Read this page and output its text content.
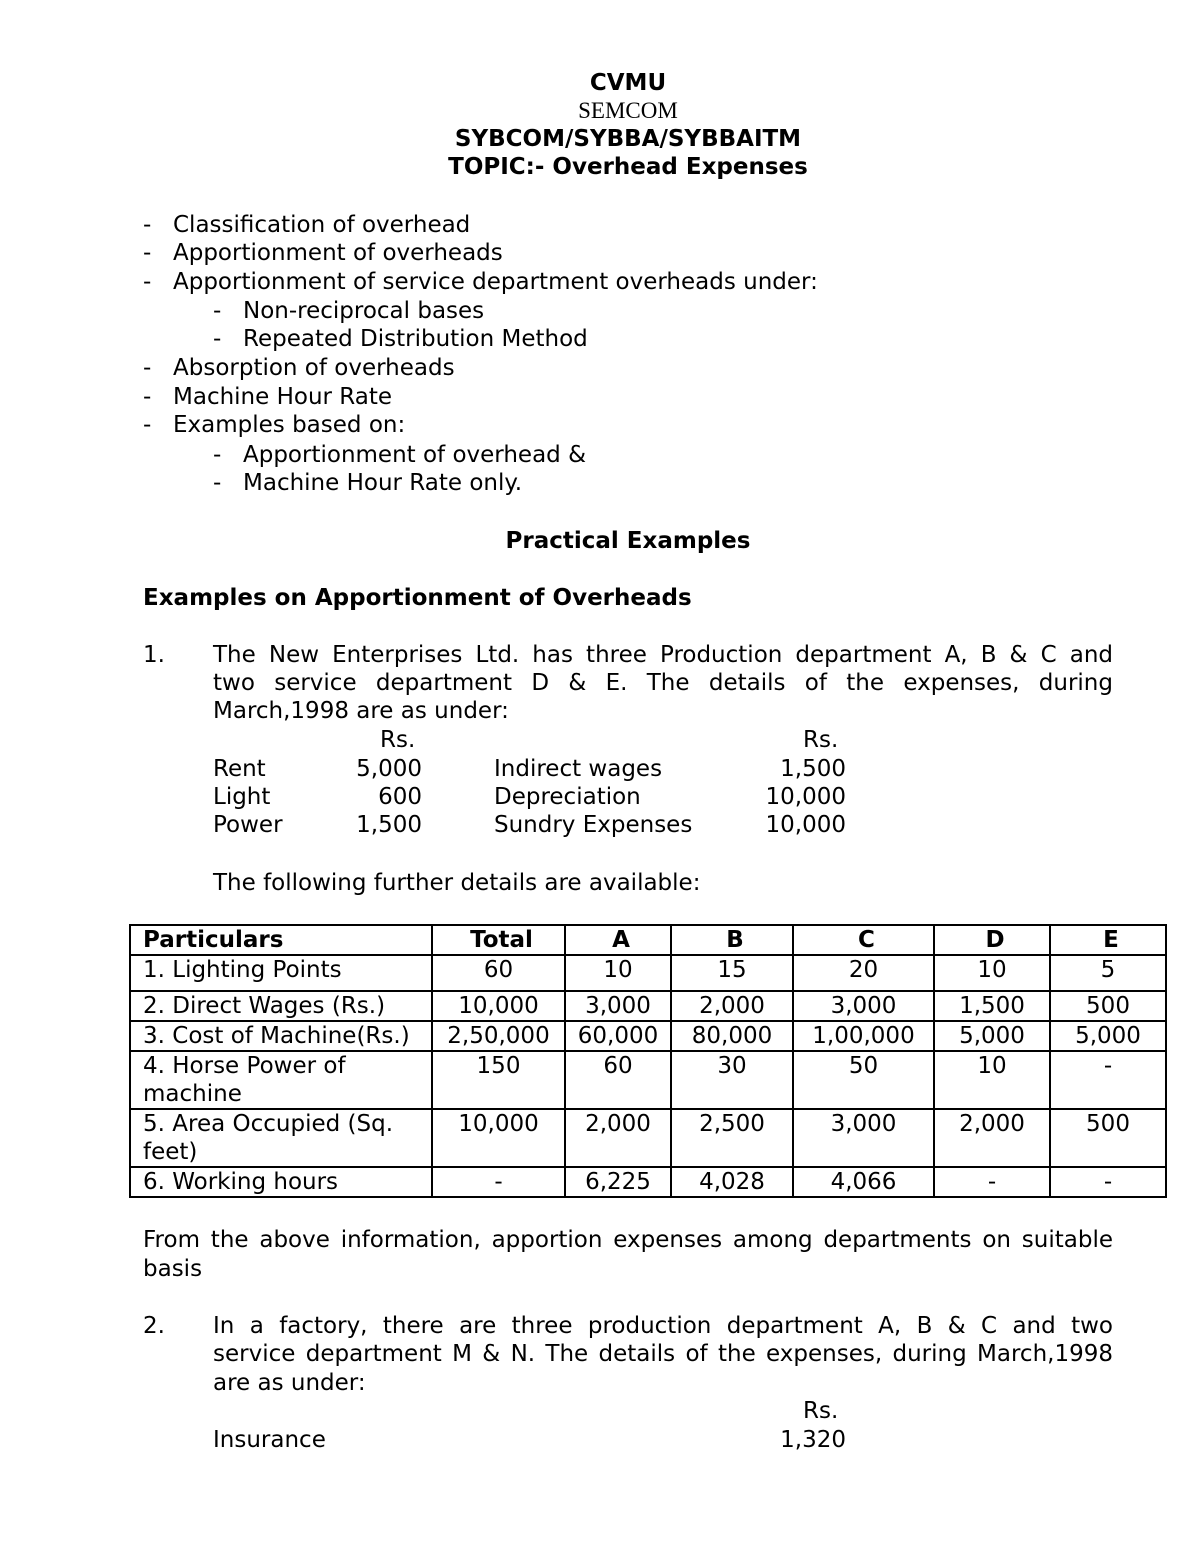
CVMU
SEMCOM
SYBCOM/SYBBA/SYBBAITM
TOPIC:- Overhead Expenses
- Classification of overhead
- Apportionment of overheads
- Apportionment of service department overheads under:
- Non-reciprocal bases
- Repeated Distribution Method
- Absorption of overheads
- Machine Hour Rate
- Examples based on:
- Apportionment of overhead &
- Machine Hour Rate only.
Practical Examples
Examples on Apportionment of Overheads
1. The New Enterprises Ltd. has three Production department A, B & C and
two service department D & E. The details of the expenses, during
March,1998 are as under:
Rs.	Rs.
Rent	5,000	Indirect wages	1,500
Light	600	Depreciation	10,000
Power	1,500	Sundry Expenses	10,000
The following further details are available:
Particulars	Total	A	B	C	D	E
1. Lighting Points	60	10	15	20	10	5
2. Direct Wages (Rs.)	10,000	3,000	2,000	3,000	1,500	500
3. Cost of Machine(Rs.)	2,50,000	60,000	80,000	1,00,000	5,000	5,000
4. Horse Power of machine	150	60	30	50	10	-
5. Area Occupied (Sq. feet)	10,000	2,000	2,500	3,000	2,000	500
6. Working hours	-	6,225	4,028	4,066	-	-
From the above information, apportion expenses among departments on suitable
basis
2. In a factory, there are three production department A, B & C and two
service department M & N. The details of the expenses, during March,1998
are as under:
Rs.
Insurance	1,320
